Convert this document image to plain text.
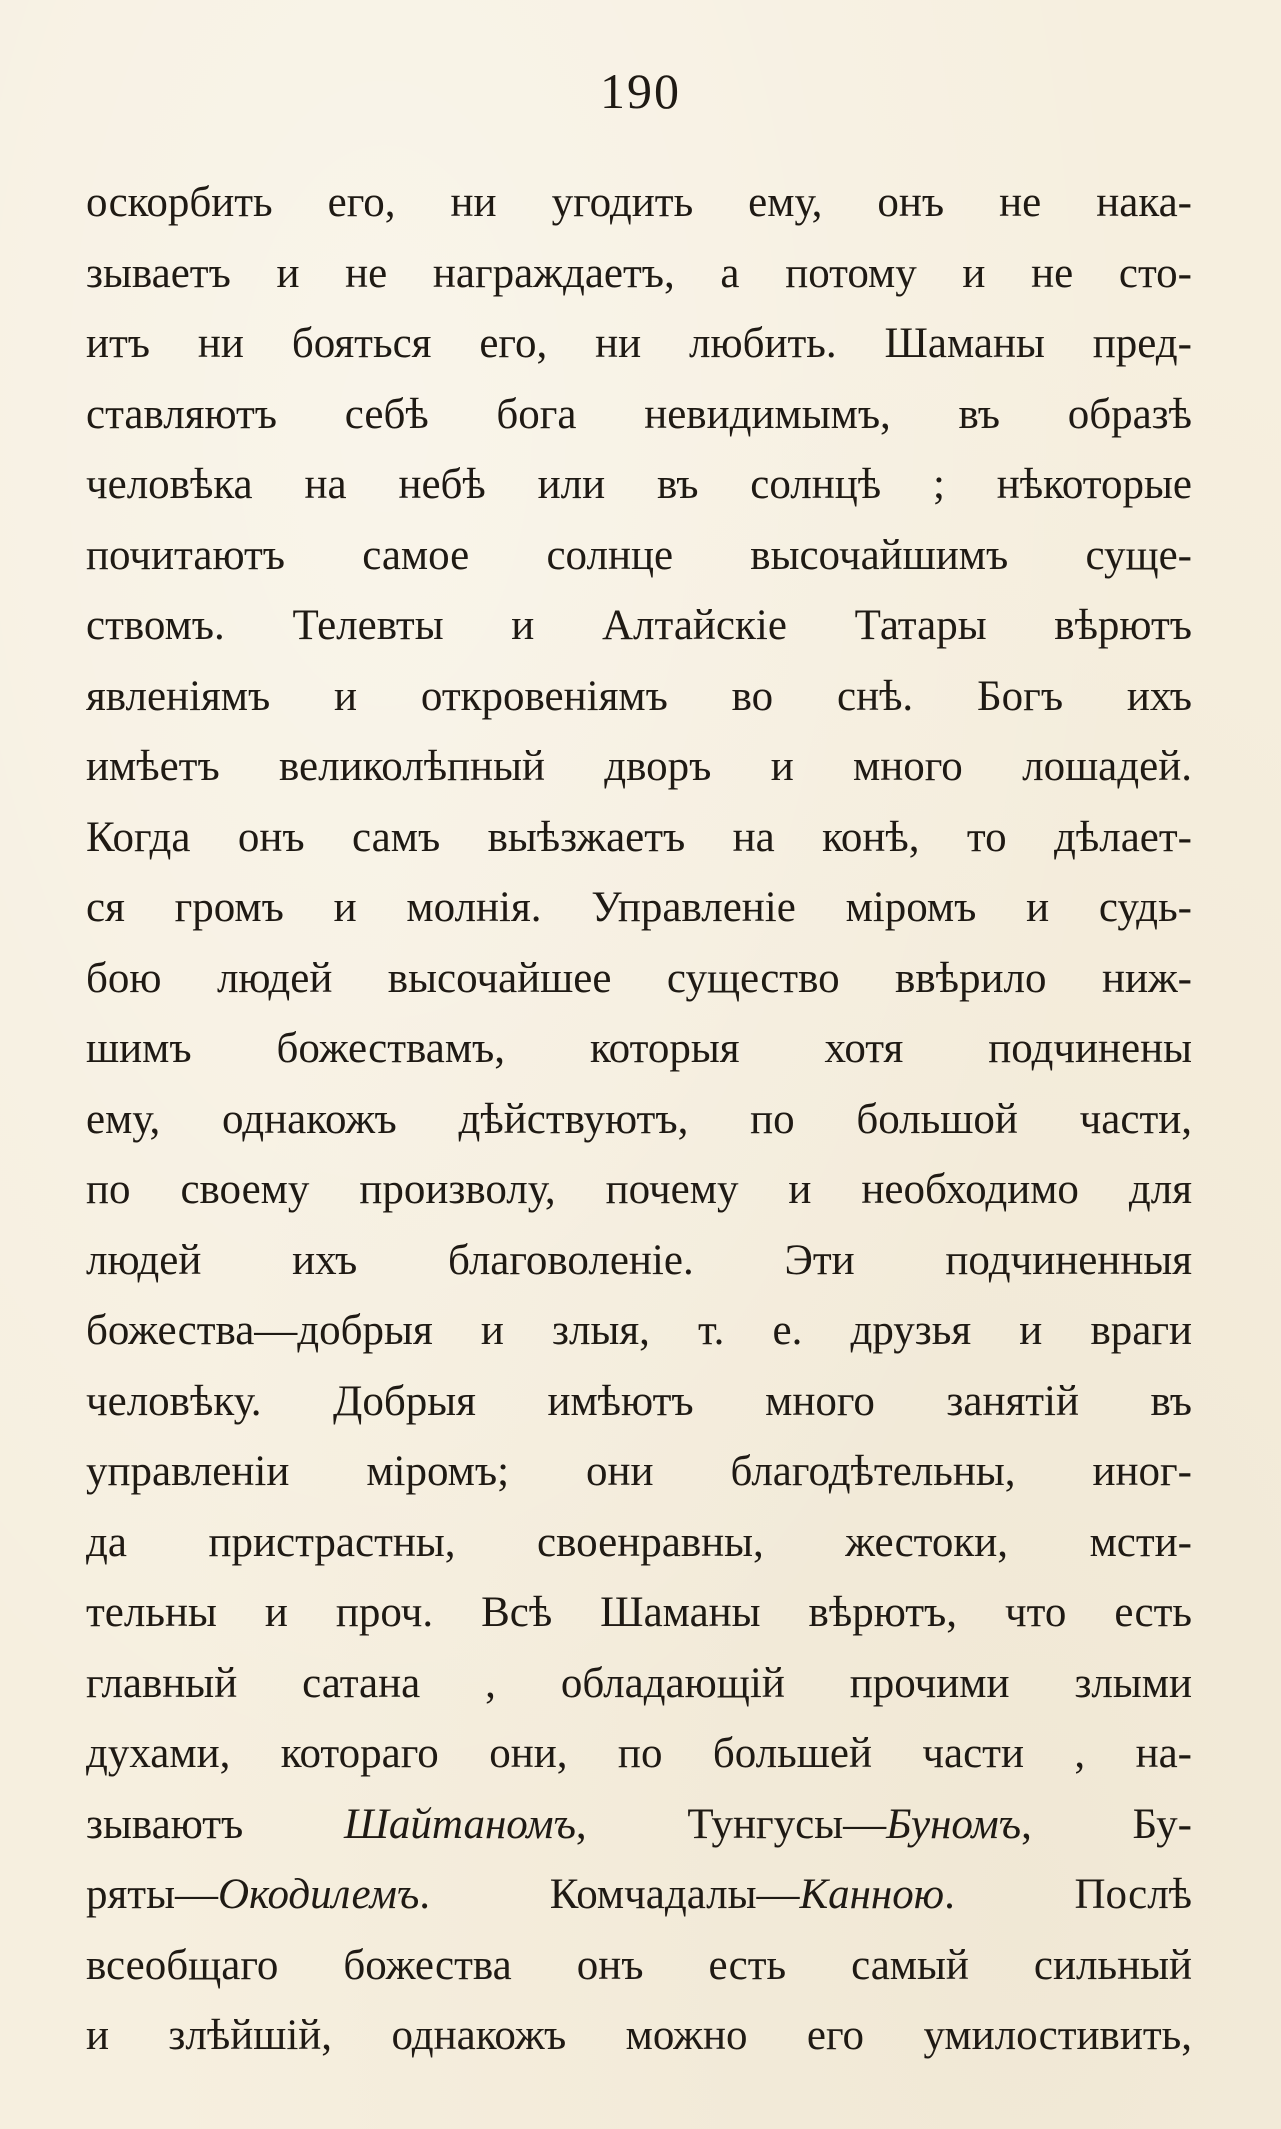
190
оскорбить его, ни угодить ему, онъ не нака-
зываетъ и не награждаетъ, а потому и не сто-
итъ ни бояться его, ни любить. Шаманы пред-
ставляютъ себѣ бога невидимымъ, въ образѣ
человѣка на небѣ или въ солнцѣ ; нѣкоторые
почитаютъ самое солнце высочайшимъ суще-
ствомъ. Телевты и Алтайскіе Татары вѣрютъ
явленіямъ и откровеніямъ во снѣ. Богъ ихъ
имѣетъ великолѣпный дворъ и много лошадей.
Когда онъ самъ выѣзжаетъ на конѣ, то дѣлает-
ся громъ и молнія. Управленіе міромъ и судь-
бою людей высочайшее существо ввѣрило ниж-
шимъ божествамъ, которыя хотя подчинены
ему, однакожъ дѣйствуютъ, по большой части,
по своему произволу, почему и необходимо для
людей ихъ благоволеніе. Эти подчиненныя
божества—добрыя и злыя, т. е. друзья и враги
человѣку. Добрыя имѣютъ много занятій въ
управленіи міромъ; они благодѣтельны, иног-
да пристрастны, своенравны, жестоки, мсти-
тельны и проч. Всѣ Шаманы вѣрютъ, что есть
главный сатана , обладающій прочими злыми
духами, котораго они, по большей части , на-
зываютъ Шайтаномъ, Тунгусы—Буномъ, Бу-
ряты—Окодилемъ. Комчадалы—Канною. Послѣ
всеобщаго божества онъ есть самый сильный
и злѣйшій, однакожъ можно его умилостивить,
